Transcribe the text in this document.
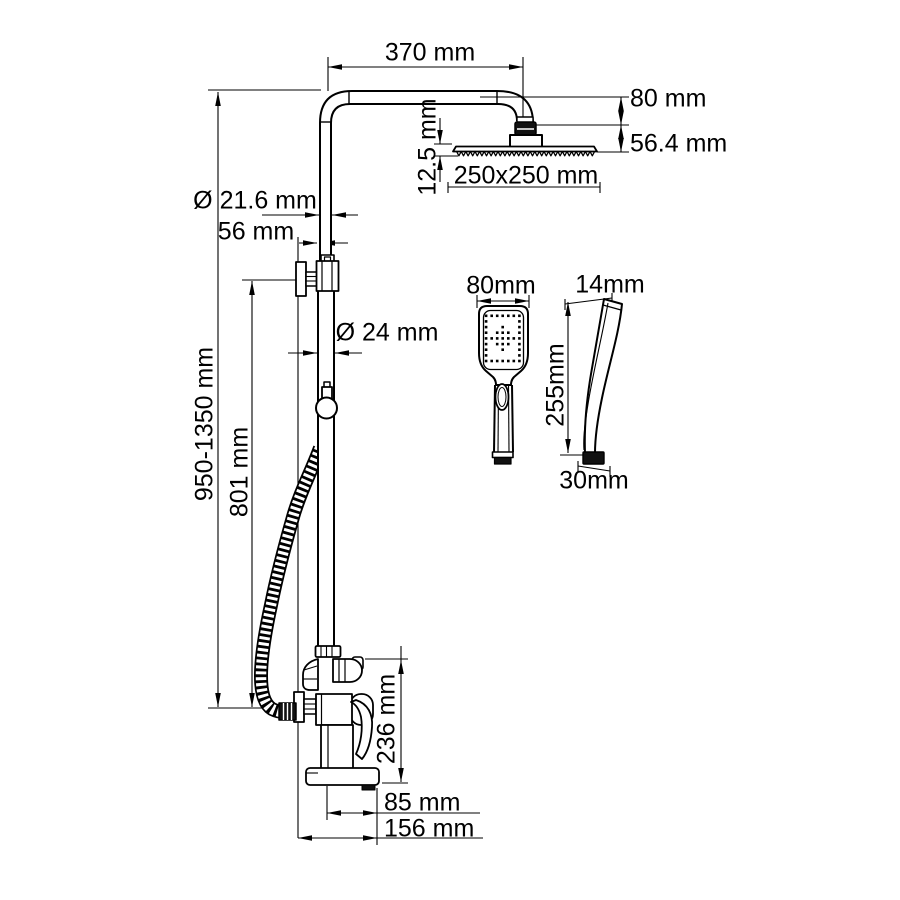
370 mm
80 mm
56.4 mm
12.5 mm 250x250 mm
Ø 21.6 mm
56 mm
Ø 24 mm
950-1350 mm 801 mm
80mm 14mm
255mm
30mm
236 mm
85 mm
156 mm
